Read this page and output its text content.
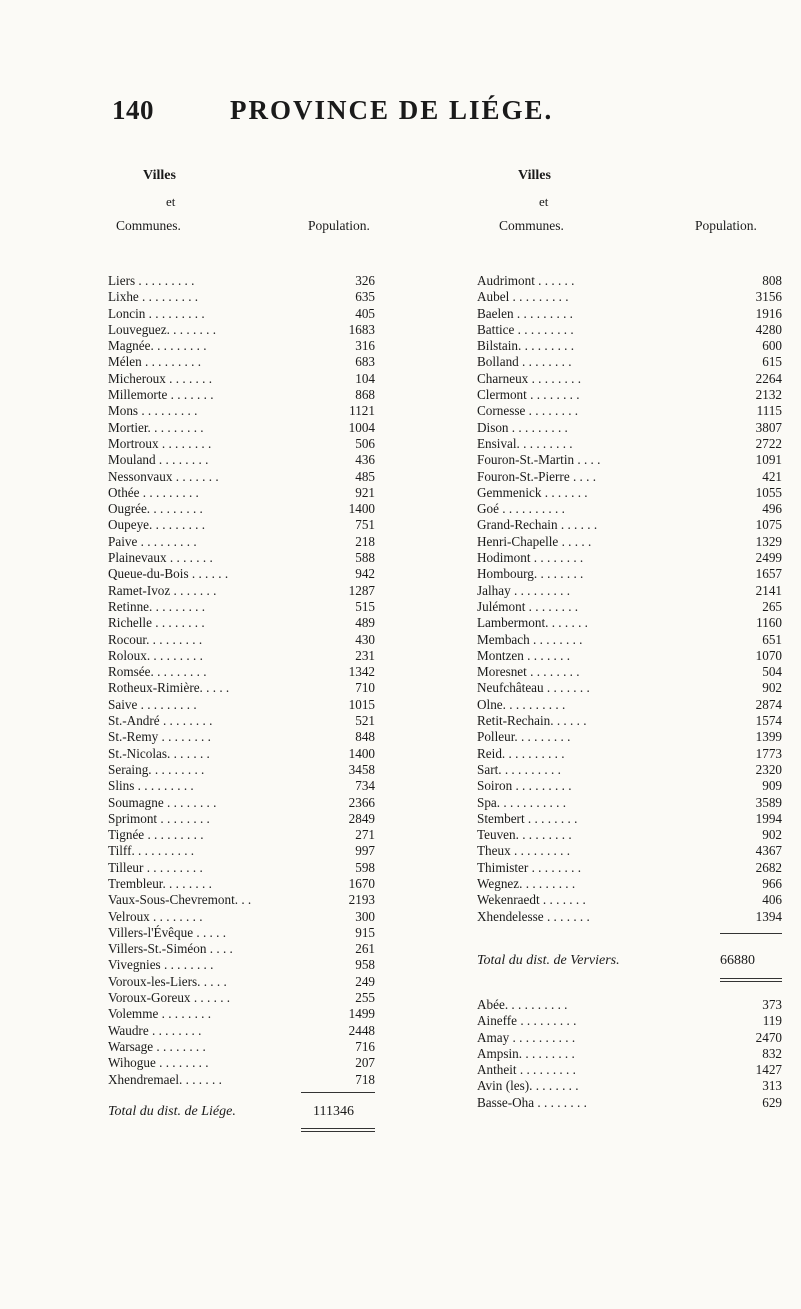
140	PROVINCE DE LIÉGE.
Villes
et
Communes.	Population.
Liers . . . . . . . . .	326
Lixhe . . . . . . . . .	635
Loncin . . . . . . . . .	405
Louveguez. . . . . . . .	1683
Magnée. . . . . . . . .	316
Mélen . . . . . . . . .	683
Micheroux . . . . . . .	104
Millemorte . . . . . . .	868
Mons . . . . . . . . .	1121
Mortier. . . . . . . . .	1004
Mortroux . . . . . . . .	506
Mouland . . . . . . . .	436
Nessonvaux . . . . . . .	485
Othée . . . . . . . . .	921
Ougrée. . . . . . . . .	1400
Oupeye. . . . . . . . .	751
Paive . . . . . . . . .	218
Plainevaux . . . . . . .	588
Queue-du-Bois . . . . . .	942
Ramet-Ivoz . . . . . . .	1287
Retinne. . . . . . . . .	515
Richelle . . . . . . . .	489
Rocour. . . . . . . . .	430
Roloux. . . . . . . . .	231
Romsée. . . . . . . . .	1342
Rotheux-Rimière. . . . .	710
Saive . . . . . . . . .	1015
St.-André . . . . . . . .	521
St.-Remy . . . . . . . .	848
St.-Nicolas. . . . . . .	1400
Seraing. . . . . . . . .	3458
Slins . . . . . . . . .	734
Soumagne . . . . . . . .	2366
Sprimont . . . . . . . .	2849
Tignée . . . . . . . . .	271
Tilff. . . . . . . . . .	997
Tilleur . . . . . . . . .	598
Trembleur. . . . . . . .	1670
Vaux-Sous-Chevremont. . .	2193
Velroux . . . . . . . .	300
Villers-l'Évêque . . . . .	915
Villers-St.-Siméon . . . .	261
Vivegnies . . . . . . . .	958
Voroux-les-Liers. . . . .	249
Voroux-Goreux . . . . . .	255
Volemme . . . . . . . .	1499
Waudre . . . . . . . .	2448
Warsage . . . . . . . .	716
Wihogue . . . . . . . .	207
Xhendremael. . . . . . .	718
Total du dist. de Liége.	111346
Villes
et
Communes.	Population.
Audrimont . . . . . .	808
Aubel . . . . . . . . .	3156
Baelen . . . . . . . . .	1916
Battice . . . . . . . . .	4280
Bilstain. . . . . . . . .	600
Bolland . . . . . . . .	615
Charneux . . . . . . . .	2264
Clermont . . . . . . . .	2132
Cornesse . . . . . . . .	1115
Dison . . . . . . . . .	3807
Ensival. . . . . . . . .	2722
Fouron-St.-Martin . . . .	1091
Fouron-St.-Pierre . . . .	421
Gemmenick . . . . . . .	1055
Goé . . . . . . . . . .	496
Grand-Rechain . . . . . .	1075
Henri-Chapelle . . . . .	1329
Hodimont . . . . . . . .	2499
Hombourg. . . . . . . .	1657
Jalhay . . . . . . . . .	2141
Julémont . . . . . . . .	265
Lambermont. . . . . . .	1160
Membach . . . . . . . .	651
Montzen . . . . . . .	1070
Moresnet . . . . . . . .	504
Neufchâteau . . . . . . .	902
Olne. . . . . . . . . .	2874
Retit-Rechain. . . . . .	1574
Polleur. . . . . . . . .	1399
Reid. . . . . . . . . .	1773
Sart. . . . . . . . . .	2320
Soiron . . . . . . . . .	909
Spa. . . . . . . . . . .	3589
Stembert . . . . . . . .	1994
Teuven. . . . . . . . .	902
Theux . . . . . . . . .	4367
Thimister . . . . . . . .	2682
Wegnez. . . . . . . . .	966
Wekenraedt . . . . . . .	406
Xhendelesse . . . . . . .	1394
Total du dist. de Verviers.	66880
Abée. . . . . . . . . .	373
Aineffe . . . . . . . . .	119
Amay . . . . . . . . . .	2470
Ampsin. . . . . . . . .	832
Antheit . . . . . . . . .	1427
Avin (les). . . . . . . .	313
Basse-Oha . . . . . . . .	629
